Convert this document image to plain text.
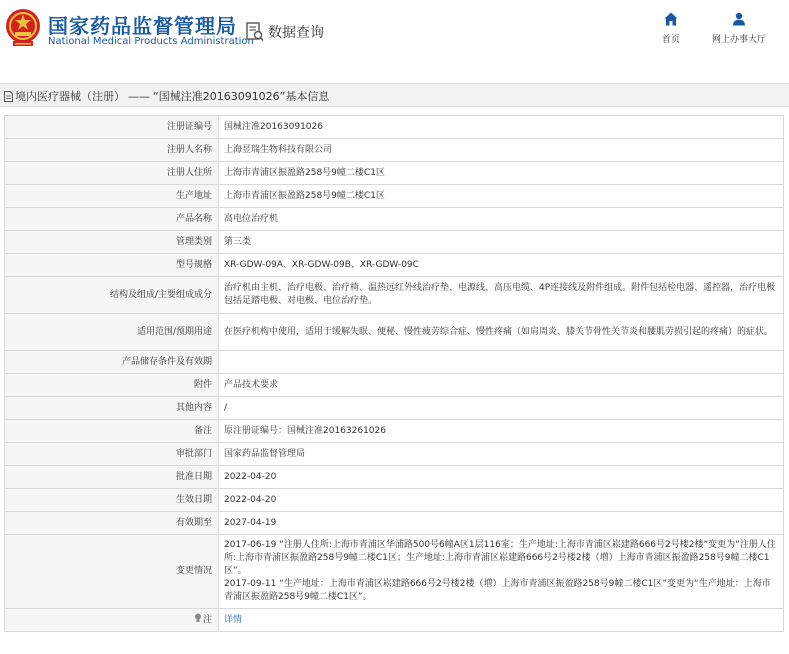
国家药品监督管理局
National Medical Products Administration
数据查询	首页	网上办事大厅
境内医疗器械（注册） —— “国械注准20163091026”基本信息
注册证编号	国械注准20163091026
注册人名称	上海昱瑞生物科技有限公司
注册人住所	上海市青浦区振盈路258号9幢二楼C1区
生产地址	上海市青浦区振盈路258号9幢二楼C1区
产品名称	高电位治疗机
管理类别	第三类
型号规格	XR-GDW-09A、XR-GDW-09B、XR-GDW-09C
结构及组成/主要组成成分	治疗机由主机、治疗电极、治疗椅、温热远红外线治疗垫、电源线、高压电缆、4P连接线及附件组成。附件包括检电器、遥控器，治疗电极包括足踏电极、对电极、电位治疗垫。
适用范围/预期用途	在医疗机构中使用，适用于缓解失眠、便秘、慢性疲劳综合症、慢性疼痛（如肩周炎、膝关节骨性关节炎和腰肌劳损引起的疼痛）的症状。
产品储存条件及有效期	
附件	产品技术要求
其他内容	/
备注	原注册证编号：国械注准20163261026
审批部门	国家药品监督管理局
批准日期	2022-04-20
生效日期	2022-04-20
有效期至	2027-04-19
变更情况	2017-06-19 “注册人住所:上海市青浦区华浦路500号6幢A区1层116室；生产地址:上海市青浦区崧建路666号2号楼2楼”变更为“注册人住所:上海市青浦区振盈路258号9幢二楼C1区；生产地址:上海市青浦区崧建路666号2号楼2楼（増）上海市青浦区振盈路258号9幢二楼C1区”。
2017-09-11 “生产地址：上海市青浦区崧建路666号2号楼2楼（増）上海市青浦区振盈路258号9幢二楼C1区”变更为“生产地址：上海市青浦区振盈路258号9幢二楼C1区”。
注	详情
